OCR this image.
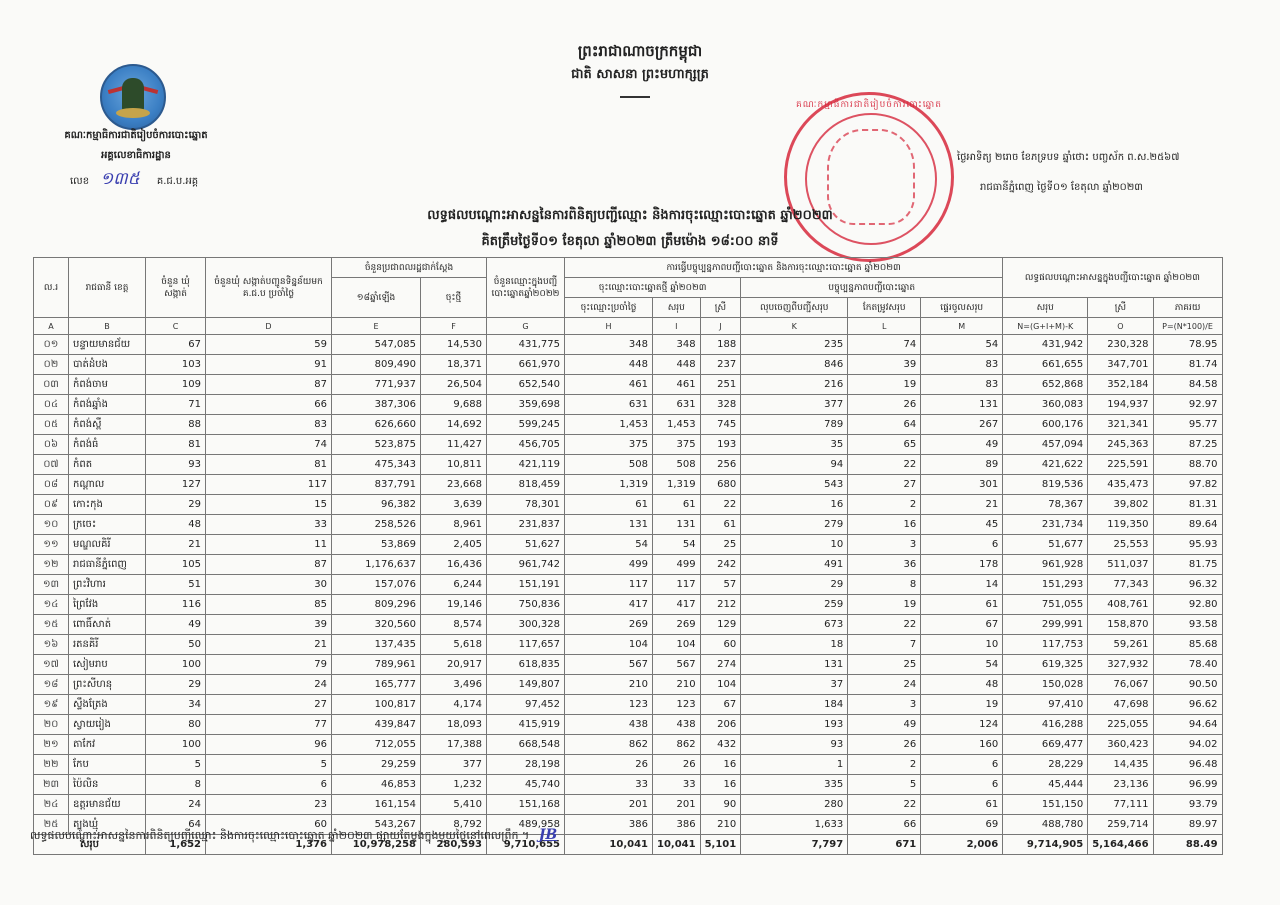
គណៈកម្មាធិការជាតិរៀបចំការបោះឆ្នោត
អគ្គលេខាធិការដ្ឋាន
លេខ ១៣៥ គ.ជ.ប.អគ្គ
ព្រះរាជាណាចក្រកម្ពុជា
ជាតិ សាសនា ព្រះមហាក្សត្រ
គណៈកម្មាធិការជាតិរៀបចំការបោះឆ្នោត
ថ្ងៃអាទិត្យ ២រោច ខែភទ្របទ ឆ្នាំថោះ បញ្ចស័ក ព.ស.២៥៦៧
រាជធានីភ្នំពេញ ថ្ងៃទី០១ ខែតុលា ឆ្នាំ២០២៣
លទ្ធផលបណ្ដោះអាសន្ននៃការពិនិត្យបញ្ជីឈ្មោះ និងការចុះឈ្មោះបោះឆ្នោត ឆ្នាំ២០២៣
គិតត្រឹមថ្ងៃទី០១ ខែតុលា ឆ្នាំ២០២៣ ត្រឹមម៉ោង ១៨:០០ នាទី
ល.រ	រាជធានី ខេត្ត	ចំនួន ឃុំ សង្កាត់	ចំនួនឃុំ សង្កាត់បញ្ជូនទិន្នន័យមក គ.ជ.ប ប្រចាំថ្ងៃ	ចំនួនប្រជាពលរដ្ឋជាក់ស្ដែង		ចំនួនឈ្មោះក្នុងបញ្ជីបោះឆ្នោតឆ្នាំ២០២២	ការធ្វើបច្ចុប្បន្នភាពបញ្ជីបោះឆ្នោត និងការចុះឈ្មោះបោះឆ្នោត ឆ្នាំ២០២៣						លទ្ធផលបណ្ដោះអាសន្នក្នុងបញ្ជីបោះឆ្នោត ឆ្នាំ២០២៣		
				១៨ឆ្នាំឡើង	ចុះថ្មី		ចុះឈ្មោះបោះឆ្នោតថ្មី ឆ្នាំ២០២៣			បច្ចុប្បន្នភាពបញ្ជីបោះឆ្នោត					
							ចុះឈ្មោះប្រចាំថ្ងៃ	សរុប	ស្រី	លុបចេញពីបញ្ជីសរុប	កែតម្រូវសរុប	ផ្ទេរចូលសរុប	សរុប	ស្រី	ភាគរយ
A	B	C	D	E	F	G	H	I	J	K	L	M	N=(G+I+M)-K	O	P=(N*100)/E
០១	បន្ទាយមានជ័យ	67	59	547,085	14,530	431,775	348	348	188	235	74	54	431,942	230,328	78.95
០២	បាត់ដំបង	103	91	809,490	18,371	661,970	448	448	237	846	39	83	661,655	347,701	81.74
០៣	កំពង់ចាម	109	87	771,937	26,504	652,540	461	461	251	216	19	83	652,868	352,184	84.58
០៤	កំពង់ឆ្នាំង	71	66	387,306	9,688	359,698	631	631	328	377	26	131	360,083	194,937	92.97
០៥	កំពង់ស្ពឺ	88	83	626,660	14,692	599,245	1,453	1,453	745	789	64	267	600,176	321,341	95.77
០៦	កំពង់ធំ	81	74	523,875	11,427	456,705	375	375	193	35	65	49	457,094	245,363	87.25
០៧	កំពត	93	81	475,343	10,811	421,119	508	508	256	94	22	89	421,622	225,591	88.70
០៨	កណ្ដាល	127	117	837,791	23,668	818,459	1,319	1,319	680	543	27	301	819,536	435,473	97.82
០៩	កោះកុង	29	15	96,382	3,639	78,301	61	61	22	16	2	21	78,367	39,802	81.31
១០	ក្រចេះ	48	33	258,526	8,961	231,837	131	131	61	279	16	45	231,734	119,350	89.64
១១	មណ្ឌលគិរី	21	11	53,869	2,405	51,627	54	54	25	10	3	6	51,677	25,553	95.93
១២	រាជធានីភ្នំពេញ	105	87	1,176,637	16,436	961,742	499	499	242	491	36	178	961,928	511,037	81.75
១៣	ព្រះវិហារ	51	30	157,076	6,244	151,191	117	117	57	29	8	14	151,293	77,343	96.32
១៤	ព្រៃវែង	116	85	809,296	19,146	750,836	417	417	212	259	19	61	751,055	408,761	92.80
១៥	ពោធិ៍សាត់	49	39	320,560	8,574	300,328	269	269	129	673	22	67	299,991	158,870	93.58
១៦	រតនគិរី	50	21	137,435	5,618	117,657	104	104	60	18	7	10	117,753	59,261	85.68
១៧	សៀមរាប	100	79	789,961	20,917	618,835	567	567	274	131	25	54	619,325	327,932	78.40
១៨	ព្រះសីហនុ	29	24	165,777	3,496	149,807	210	210	104	37	24	48	150,028	76,067	90.50
១៩	ស្ទឹងត្រែង	34	27	100,817	4,174	97,452	123	123	67	184	3	19	97,410	47,698	96.62
២០	ស្វាយរៀង	80	77	439,847	18,093	415,919	438	438	206	193	49	124	416,288	225,055	94.64
២១	តាកែវ	100	96	712,055	17,388	668,548	862	862	432	93	26	160	669,477	360,423	94.02
២២	កែប	5	5	29,259	377	28,198	26	26	16	1	2	6	28,229	14,435	96.48
២៣	ប៉ៃលិន	8	6	46,853	1,232	45,740	33	33	16	335	5	6	45,444	23,136	96.99
២៤	ឧត្ដរមានជ័យ	24	23	161,154	5,410	151,168	201	201	90	280	22	61	151,150	77,111	93.79
២៥	ត្បូងឃ្មុំ	64	60	543,267	8,792	489,958	386	386	210	1,633	66	69	488,780	259,714	89.97
សរុប		1,652	1,376	10,978,258	280,593	9,710,655	10,041	10,041	5,101	7,797	671	2,006	9,714,905	5,164,466	88.49
លទ្ធផលបណ្ដោះអាសន្ននៃការពិនិត្យបញ្ជីឈ្មោះ និងការចុះឈ្មោះបោះឆ្នោត ឆ្នាំ២០២៣ ផ្សាយតែម្ដងក្នុងមួយថ្ងៃនៅពេលព្រឹក ។ JB
